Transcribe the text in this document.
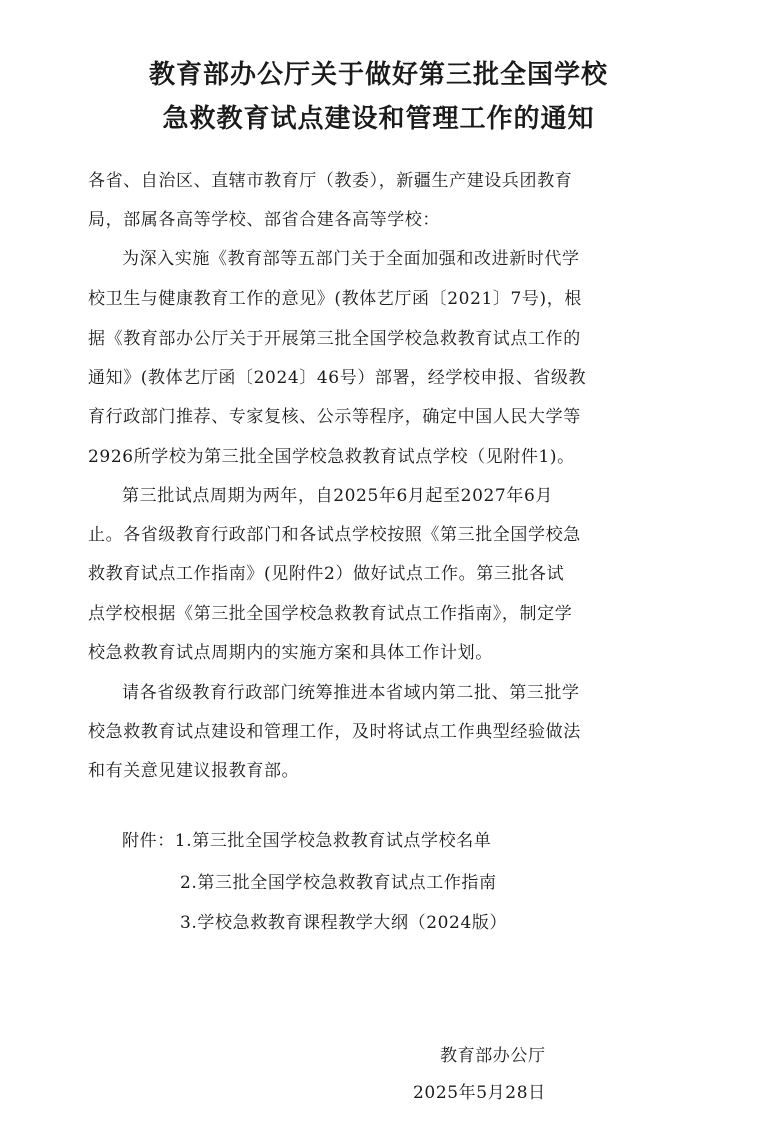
教育部办公厅关于做好第三批全国学校
急救教育试点建设和管理工作的通知
各省、自治区、直辖市教育厅（教委），新疆生产建设兵团教育
局，部属各高等学校、部省合建各高等学校：
为深入实施《教育部等五部门关于全面加强和改进新时代学
校卫生与健康教育工作的意见》(教体艺厅函〔2021〕7号)，根
据《教育部办公厅关于开展第三批全国学校急救教育试点工作的
通知》(教体艺厅函〔2024〕46号）部署，经学校申报、省级教
育行政部门推荐、专家复核、公示等程序，确定中国人民大学等
2926所学校为第三批全国学校急救教育试点学校（见附件1)。
第三批试点周期为两年，自2025年6月起至2027年6月
止。各省级教育行政部门和各试点学校按照《第三批全国学校急
救教育试点工作指南》(见附件2）做好试点工作。第三批各试
点学校根据《第三批全国学校急救教育试点工作指南》，制定学
校急救教育试点周期内的实施方案和具体工作计划。
请各省级教育行政部门统筹推进本省域内第二批、第三批学
校急救教育试点建设和管理工作，及时将试点工作典型经验做法
和有关意见建议报教育部。
附件：1.第三批全国学校急救教育试点学校名单
2.第三批全国学校急救教育试点工作指南
3.学校急救教育课程教学大纲（2024版）
教育部办公厅
2025年5月28日
